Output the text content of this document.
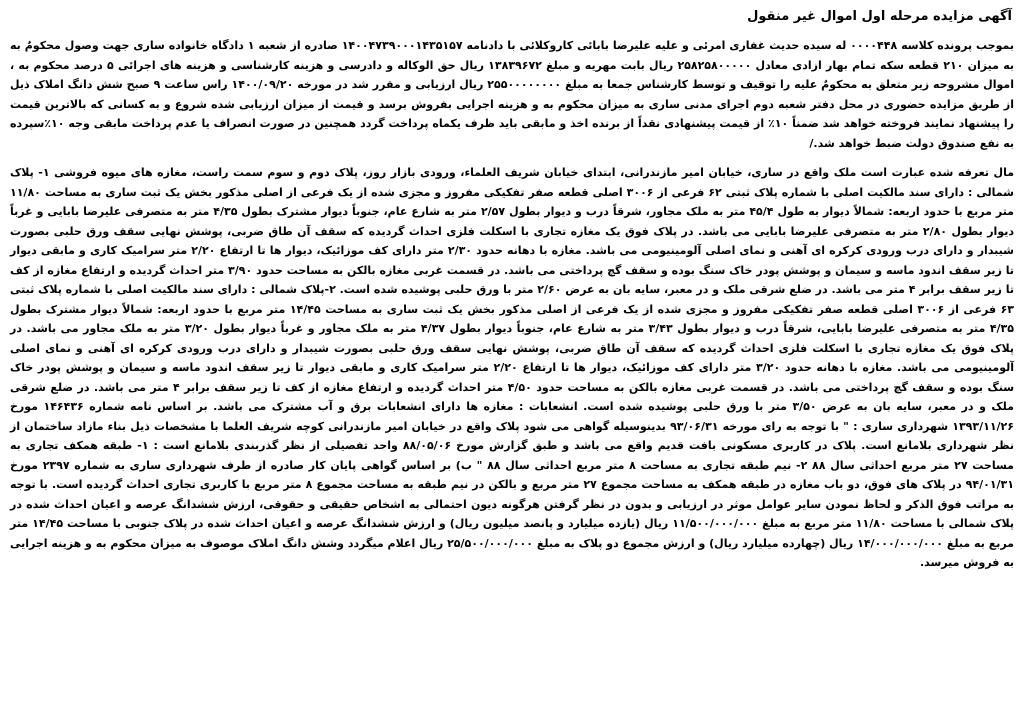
آگهی مزایده مرحله اول اموال غیر منقول

بموجب پرونده کلاسه ۰۰۰۰۴۴۸ له سیده حدیث غفاری امرئی و علیه علیرضا بابائی کاروکلائی با دادنامه ۱۴۰۰۴۷۳۹۰۰۰۱۴۳۵۱۵۷ صادره از شعبه ۱ دادگاه خانواده ساری جهت وصول محکومٌ به به میزان ۲۱۰ قطعه سکه تمام بهار ازادی معادل ۲۵۸۲۵۸۰۰۰۰۰ ریال بابت مهریه و مبلغ ۱۳۸۳۹۶۷۲ ریال حق الوکاله و دادرسی و هزینه کارشناسی و هزینه های اجرائی ۵ درصد محکوم به ، اموال مشروحه زیر متعلق به محکومٌ علیه را توقیف و توسط کارشناس جمعا به مبلغ ۲۵۵۰۰۰۰۰۰۰۰ ریال ارزیابی و مقرر شد در مورخه ۱۴۰۰/۰۹/۲۰ راس ساعت ۹ صبح شش دانگ املاک ذیل از طریق مزایده حضوری در محل دفتر شعبه دوم اجرای مدنی ساری به میزان محکوم به و هزینه اجرایی بفروش برسد و قیمت از میزان ارزیابی شده شروع و به کسانی که بالاترین قیمت را پیشنهاد نمایند فروخته خواهد شد ضمناً ۱۰٪ از قیمت پیشنهادی نقداً از برنده اخذ و مابقی باید ظرف یکماه پرداخت گردد همچنین در صورت انصراف یا عدم پرداخت مابقی وجه ۱۰٪سپرده به نفع صندوق دولت ضبط خواهد شد./

مال تعرفه شده عبارت است ملک واقع در ساری، خیابان امیر مازندرانی، ابتدای خیابان شریف العلماء، ورودی بازار روز، پلاک دوم و سوم سمت راست، مغازه های میوه فروشی ۱- پلاک شمالی : دارای سند مالکیت اصلی با شماره پلاک ثبتی ۶۲ فرعی از ۳۰۰۶ اصلی قطعه صفر تفکیکی مفروز و مجزی شده از یک فرعی از اصلی مذکور بخش یک ثبت ساری به مساحت ۱۱/۸۰ متر مربع با حدود اربعه: شمالاً دیوار به طول ۴۵/۴ متر به ملک مجاور، شرقاً درب و دیوار بطول ۲/۵۷ متر به شارع عام، جنوباً دیوار مشترک بطول ۴/۳۵ متر به متصرفی علیرضا بابایی و غرباً دیوار بطول ۲/۸۰ متر به متصرفی علیرضا بابایی می باشد. در پلاک فوق یک مغازه تجاری با اسکلت فلزی احداث گردیده که سقف آن طاق ضربی، پوشش نهایی سقف ورق حلبی بصورت شیبدار و دارای درب ورودی کرکره ای آهنی و نمای اصلی آلومینیومی می باشد. مغازه با دهانه حدود ۲/۳۰ متر دارای کف موزائیک، دیوار ها تا ارتفاع ۲/۲۰ متر سرامیک کاری و مابقی دیوار تا زیر سقف اندود ماسه و سیمان و پوشش پودر خاک سنگ بوده و سقف گچ پرداختی می باشد. در قسمت غربی مغازه بالکن به مساحت حدود ۳/۹۰ متر احداث گردیده و ارتفاع مغازه از کف تا زیر سقف برابر ۴ متر می باشد. در ضلع شرقی ملک و در معبر، سایه بان به عرض ۲/۶۰ متر با ورق حلبی پوشیده شده است. ۲-پلاک شمالی : دارای سند مالکیت اصلی با شماره پلاک ثبتی ۶۳ فرعی از ۳۰۰۶ اصلی قطعه صفر تفکیکی مفروز و مجزی شده از یک فرعی از اصلی مذکور بخش یک ثبت ساری به مساحت ۱۴/۴۵ متر مربع با حدود اربعه: شمالاً دیوار مشترک بطول ۴/۳۵ متر به متصرفی علیرضا بابایی، شرقاً درب و دیوار بطول ۳/۴۳ متر به شارع عام، جنوباً دیوار بطول ۴/۳۷ متر به ملک مجاور و غرباً دیوار بطول ۳/۲۰ متر به ملک مجاور می باشد. در پلاک فوق یک مغازه تجاری با اسکلت فلزی احداث گردیده که سقف آن طاق ضربی، پوشش نهایی سقف ورق حلبی بصورت شیبدار و دارای درب ورودی کرکره ای آهنی و نمای اصلی آلومینیومی می باشد. مغازه با دهانه حدود ۳/۲۰ متر دارای کف موزائیک، دیوار ها تا ارتفاع ۲/۲۰ متر سرامیک کاری و مابقی دیوار تا زیر سقف اندود ماسه و سیمان و پوشش پودر خاک سنگ بوده و سقف گچ پرداختی می باشد. در قسمت غربی مغازه بالکن به مساحت حدود ۴/۵۰ متر احداث گردیده و ارتفاع مغازه از کف تا زیر سقف برابر ۴ متر می باشد. در ضلع شرقی ملک و در معبر، سایه بان به عرض ۳/۵۰ متر با ورق حلبی پوشیده شده است. انشعابات : مغازه ها دارای انشعابات برق و آب مشترک می باشد. بر اساس نامه شماره ۱۴۶۴۳۶ مورخ ۱۳۹۳/۱۱/۲۶ شهرداری ساری : " با توجه به رای مورخه ۹۳/۰۶/۳۱ بدینوسیله گواهی می شود پلاک واقع در خیابان امیر مازندرانی کوچه شریف العلما با مشخصات ذیل بناء مازاد ساختمان از نظر شهرداری بلامانع است. پلاک در کاربری مسکونی بافت قدیم واقع می باشد و طبق گزارش مورخ ۸۸/۰۵/۰۶ واحد تفصیلی از نظر گذربندی بلامانع است : ۱- طبقه همکف تجاری به مساحت ۲۷ متر مربع احداثی سال ۸۸ ۲- نیم طبقه تجاری به مساحت ۸ متر مربع احداثی سال ۸۸ " ب) بر اساس گواهی پایان کار صادره از طرف شهرداری ساری به شماره ۲۳۹۷ مورخ ۹۴/۰۱/۳۱ در پلاک های فوق، دو باب مغازه در طبقه همکف به مساحت مجموع ۲۷ متر مربع و بالکن در نیم طبقه به مساحت مجموع ۸ متر مربع با کاربری تجاری احداث گردیده است. با توجه به مراتب فوق الذکر و لحاظ نمودن سایر عوامل موثر در ارزیابی و بدون در نظر گرفتن هرگونه دیون احتمالی به اشخاص حقیقی و حقوقی، ارزش ششدانگ عرصه و اعیان احداث شده در پلاک شمالی با مساحت ۱۱/۸۰ متر مربع به مبلغ ۱۱/۵۰۰/۰۰۰/۰۰۰ ریال (یازده میلیارد و پانصد میلیون ریال) و ارزش ششدانگ عرصه و اعیان احداث شده در پلاک جنوبی با مساحت ۱۴/۴۵ متر مربع به مبلغ ۱۴/۰۰۰/۰۰۰/۰۰۰ ریال (چهارده میلیارد ریال) و ارزش مجموع دو پلاک به مبلغ ۲۵/۵۰۰/۰۰۰/۰۰۰ ریال اعلام میگردد وشش دانگ املاک موصوف به میزان محکوم به و هزینه اجرایی به فروش میرسد.
